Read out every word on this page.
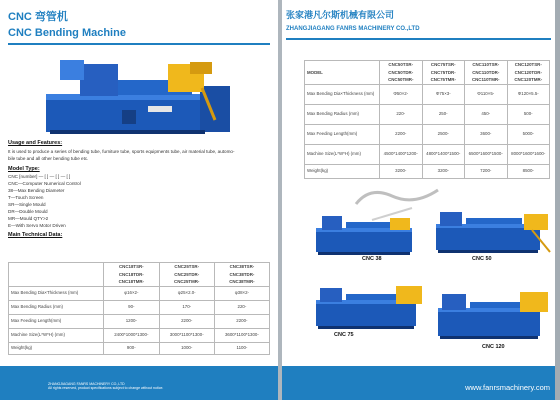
CNC 弯管机
CNC Bending Machine
Usage and Features:
It is used to produce a series of bending tube, furniture tube, sports equipments tube, air material tube, automo-
bile tube and all other bending tube etc.
Model Type:
CNC [number] — [ ] — [ ] — [ ]
CNC—Computer Numerical Control
38—Max Bending Diameter
T—Touch Screen
SR—Single Mould
DR—Double Mould
MR—Mould QTY>2
E—With Servo Motor Driven
Main Technical Data:
	CNC18TSR-
CNC18TDR-
CNC18TMR-	CNC25TSR-
CNC25TDR-
CNC25TMR-	CNC38TSR-
CNC38TDR-
CNC38TMR-
Max Bending Dia×Thickness (mm)	φ16×2-	φ25×2.0-	φ38×2-
Max Bending Radius (mm)	90-	170-	220-
Max Feeding Length(mm)	1200-	2200-	2200-
Machine Size(L*W*H) (mm)	2400*1000*1300-	3000*1100*1300-	3600*1100*1300-
Weight(kg)	900-	1000-	1100-
ZHANGJIAGANG FANRS MACHINERY CO.,LTD
All rights reserved, product specifications subject to change without notice.
张家港凡尔斯机械有限公司
ZHANGJIAGANG FANRS MACHINERY CO.,LTD
MODEL	CNC50TSR-
CNC50TDR-
CNC50TMR-	CNC75TSR-
CNC75TDR-
CNC75TMR-	CNC110TSR-
CNC110TDR-
CNC110TMR-	CNC120TSR-
CNC120TDR-
CNC120TMR-
Max Bending Dia×Thickness (mm)	Φ50×2-	Φ75×3-	Φ110×5-	Φ120×5.5-
Max Bending Radius (mm)	220-	250-	450-	500-
Max Feeding Length(mm)	2200-	2500-	3600-	5000-
Machine Size(L*W*H) (mm)	4500*1400*1200-	4800*1400*1500-	6500*1600*1500-	8000*1600*1600-
Weight(kg)	3200-	3200-	7200-	8500-
CNC 38	CNC 50
CNC 75
CNC 120
www.fanrsmachinery.com
